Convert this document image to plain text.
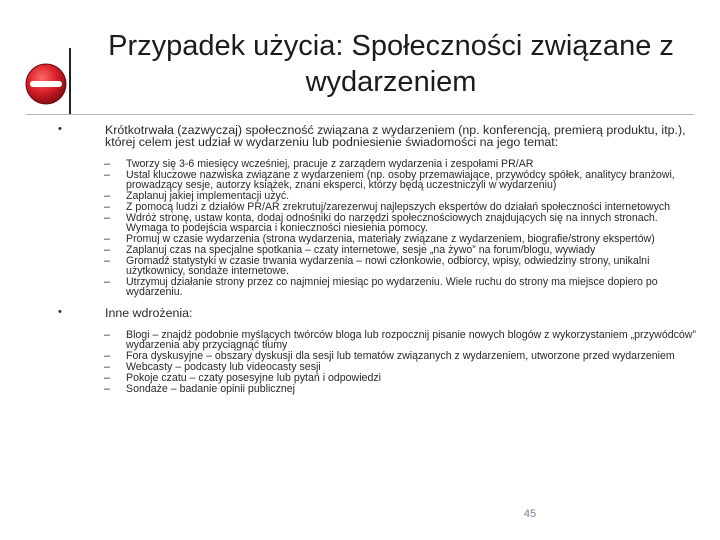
Przypadek użycia: Społeczności związane z wydarzeniem
•	Krótkotrwała (zazwyczaj) społeczność związana z wydarzeniem (np. konferencją, premierą produktu, itp.), której celem jest udział w wydarzeniu lub podniesienie świadomości na jego temat:
– Tworzy się 3-6 miesięcy wcześniej, pracuje z zarządem wydarzenia i zespołami PR/AR
– Ustal kluczowe nazwiska związane z wydarzeniem (np. osoby przemawiające, przywódcy spółek, analitycy branżowi, prowadzący sesje, autorzy książek, znani eksperci, którzy będą uczestniczyli w wydarzeniu)
– Zaplanuj jakiej implementacji użyć.
– Z pomocą ludzi z działów PR/AR zrekrutuj/zarezerwuj najlepszych ekspertów do działań społeczności internetowych
– Wdróż stronę, ustaw konta, dodaj odnośniki do narzędzi społecznościowych znajdujących się na innych stronach. Wymaga to podejścia wsparcia i konieczności niesienia pomocy.
– Promuj w czasie wydarzenia (strona wydarzenia, materiały związane z wydarzeniem, biografie/strony ekspertów)
– Zaplanuj czas na specjalne spotkania – czaty internetowe, sesje „na żywo” na forum/blogu, wywiady
– Gromadź statystyki w czasie trwania wydarzenia – nowi członkowie, odbiorcy, wpisy, odwiedziny strony, unikalni użytkownicy, sondaże internetowe.
– Utrzymuj działanie strony przez co najmniej miesiąc po wydarzeniu. Wiele ruchu do strony ma miejsce dopiero po wydarzeniu.
•	Inne wdrożenia:
– Blogi – znajdź podobnie myślących twórców bloga lub rozpocznij pisanie nowych blogów z wykorzystaniem „przywódców” wydarzenia aby przyciągnąć tłumy
– Fora dyskusyjne – obszary dyskusji dla sesji lub tematów związanych z wydarzeniem, utworzone przed wydarzeniem
– Webcasty – podcasty lub videocasty sesji
– Pokoje czatu – czaty posesyjne lub pytań i odpowiedzi
– Sondaże – badanie opinii publicznej
45
